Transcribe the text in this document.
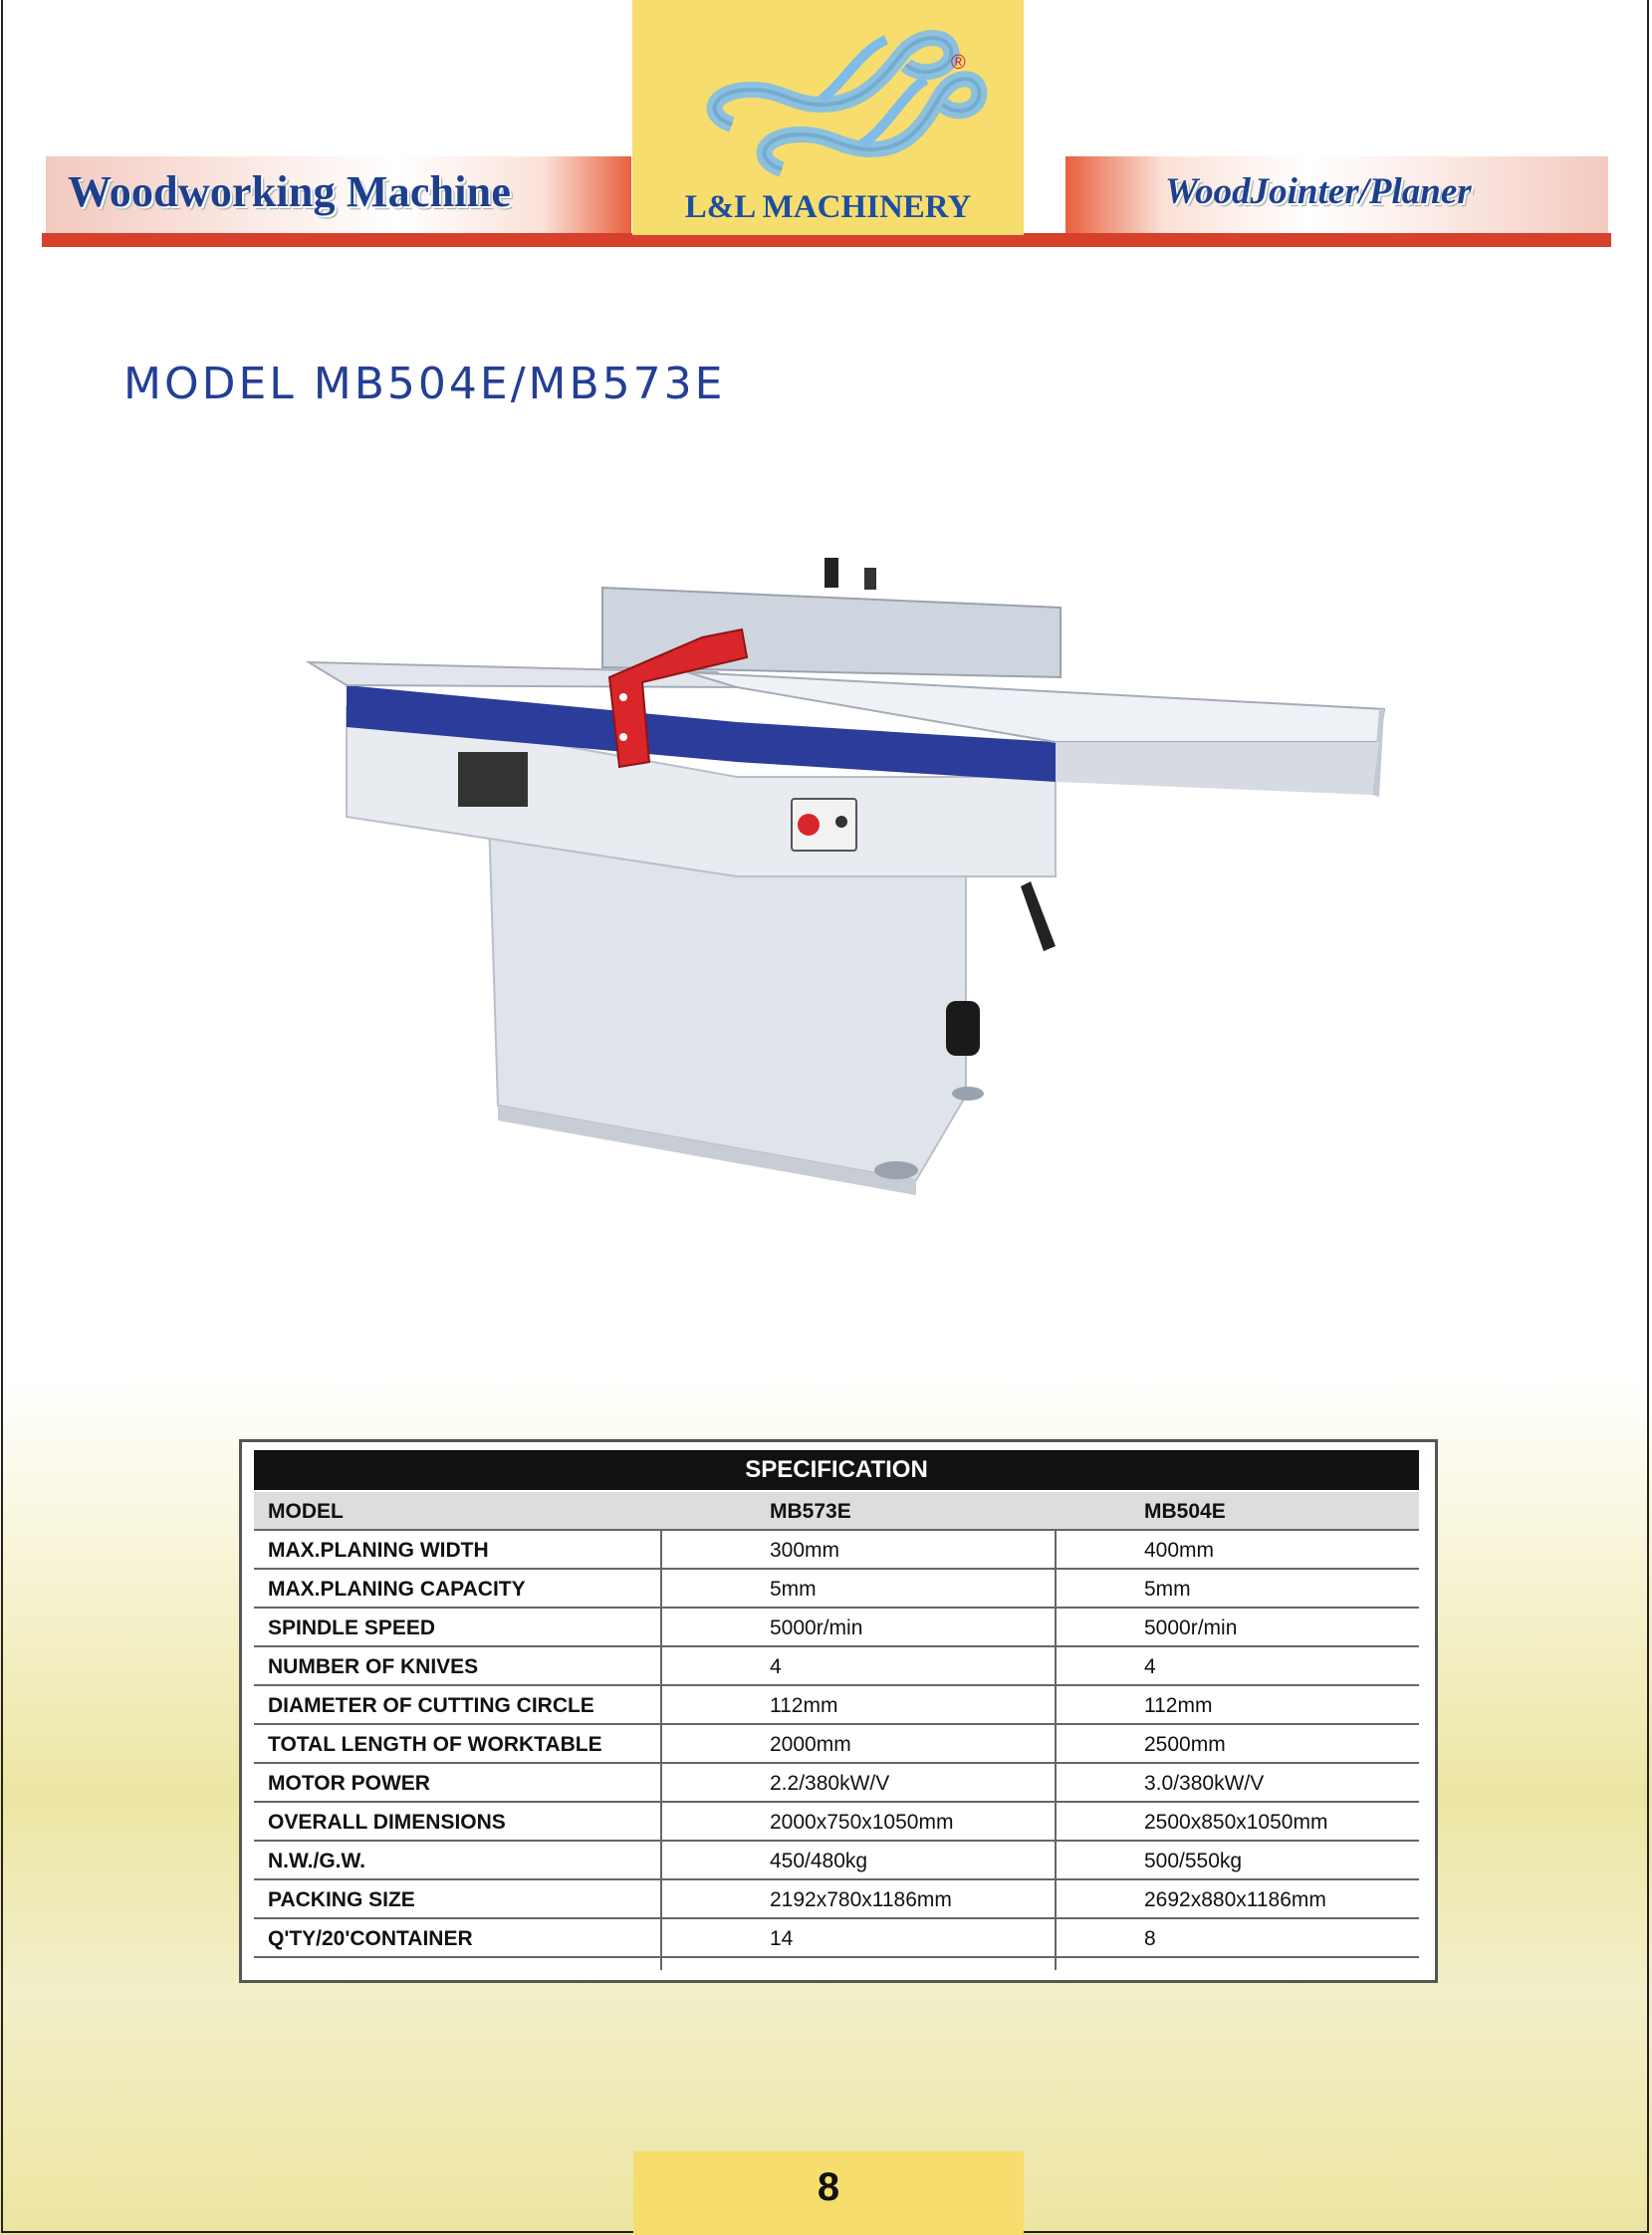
Woodworking Machine	WoodJointer/Planer
®
L&L MACHINERY
MODEL MB504E/MB573E
SPECIFICATION
MODEL	MB573E	MB504E
MAX.PLANING WIDTH	300mm	400mm
MAX.PLANING CAPACITY	5mm	5mm
SPINDLE SPEED	5000r/min	5000r/min
NUMBER OF KNIVES	4	4
DIAMETER OF CUTTING CIRCLE	112mm	112mm
TOTAL LENGTH OF WORKTABLE	2000mm	2500mm
MOTOR POWER	2.2/380kW/V	3.0/380kW/V
OVERALL DIMENSIONS	2000x750x1050mm	2500x850x1050mm
N.W./G.W.	450/480kg	500/550kg
PACKING SIZE	2192x780x1186mm	2692x880x1186mm
Q'TY/20'CONTAINER	14	8
8
